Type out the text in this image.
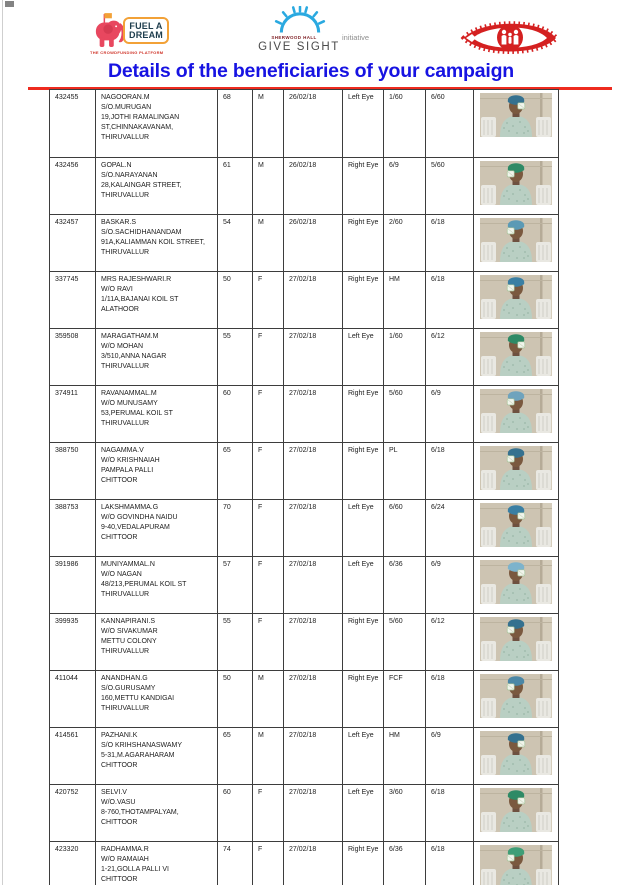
FUEL A
DREAM
THE CROWDFUNDING PLATFORM
SHERWOOD HALL
GIVE SIGHT
initiative
Details of the beneficiaries of your campaign
432455	NAGOORAN.M
S/O.MURUGAN
19,JOTHI RAMALINGAN
ST,CHINNAKAVANAM,
THIRUVALLUR	68	M	26/02/18	Left Eye	1/60	6/60	

432456	GOPAL.N
S/O.NARAYANAN
28,KALAINGAR STREET,
THIRUVALLUR	61	M	26/02/18	Right Eye	6/9	5/60	

432457	BASKAR.S
S/O.SACHIDHANANDAM
91A,KALIAMMAN KOIL STREET,
THIRUVALLUR	54	M	26/02/18	Right Eye	2/60	6/18	

337745	MRS RAJESHWARI.R
W/O RAVI
1/11A,BAJANAI KOIL ST
ALATHOOR	50	F	27/02/18	Right Eye	HM	6/18	

359508	MARAGATHAM.M
W/O MOHAN
3/510,ANNA NAGAR
THIRUVALLUR	55	F	27/02/18	Left Eye	1/60	6/12	

374911	RAVANAMMAL.M
W/O MUNUSAMY
53,PERUMAL KOIL ST
THIRUVALLUR	60	F	27/02/18	Right Eye	5/60	6/9	

388750	NAGAMMA.V
W/O KRISHNAIAH
PAMPALA PALLI
CHITTOOR	65	F	27/02/18	Right Eye	PL	6/18	

388753	LAKSHMAMMA.G
W/O GOVINDHA NAIDU
9-40,VEDALAPURAM
CHITTOOR	70	F	27/02/18	Left Eye	6/60	6/24	

391986	MUNIYAMMAL.N
W/O NAGAN
48/213,PERUMAL KOIL ST
THIRUVALLUR	57	F	27/02/18	Left Eye	6/36	6/9	

399935	KANNAPIRANI.S
W/O SIVAKUMAR
METTU COLONY
THIRUVALLUR	55	F	27/02/18	Right Eye	5/60	6/12	

411044	ANANDHAN.G
S/O.GURUSAMY
160,METTU KANDIGAI
THIRUVALLUR	50	M	27/02/18	Right Eye	FCF	6/18	

414561	PAZHANI.K
S/O KRIHSHANASWAMY
5-31,M.AGARAHARAM
CHITTOOR	65	M	27/02/18	Left Eye	HM	6/9	

420752	SELVI.V
W/O.VASU
8-760,THOTAMPALYAM,
CHITTOOR	60	F	27/02/18	Left Eye	3/60	6/18	

423320	RADHAMMA.R
W/O RAMAIAH
1-21,GOLLA PALLI VI
CHITTOOR	74	F	27/02/18	Right Eye	6/36	6/18	
